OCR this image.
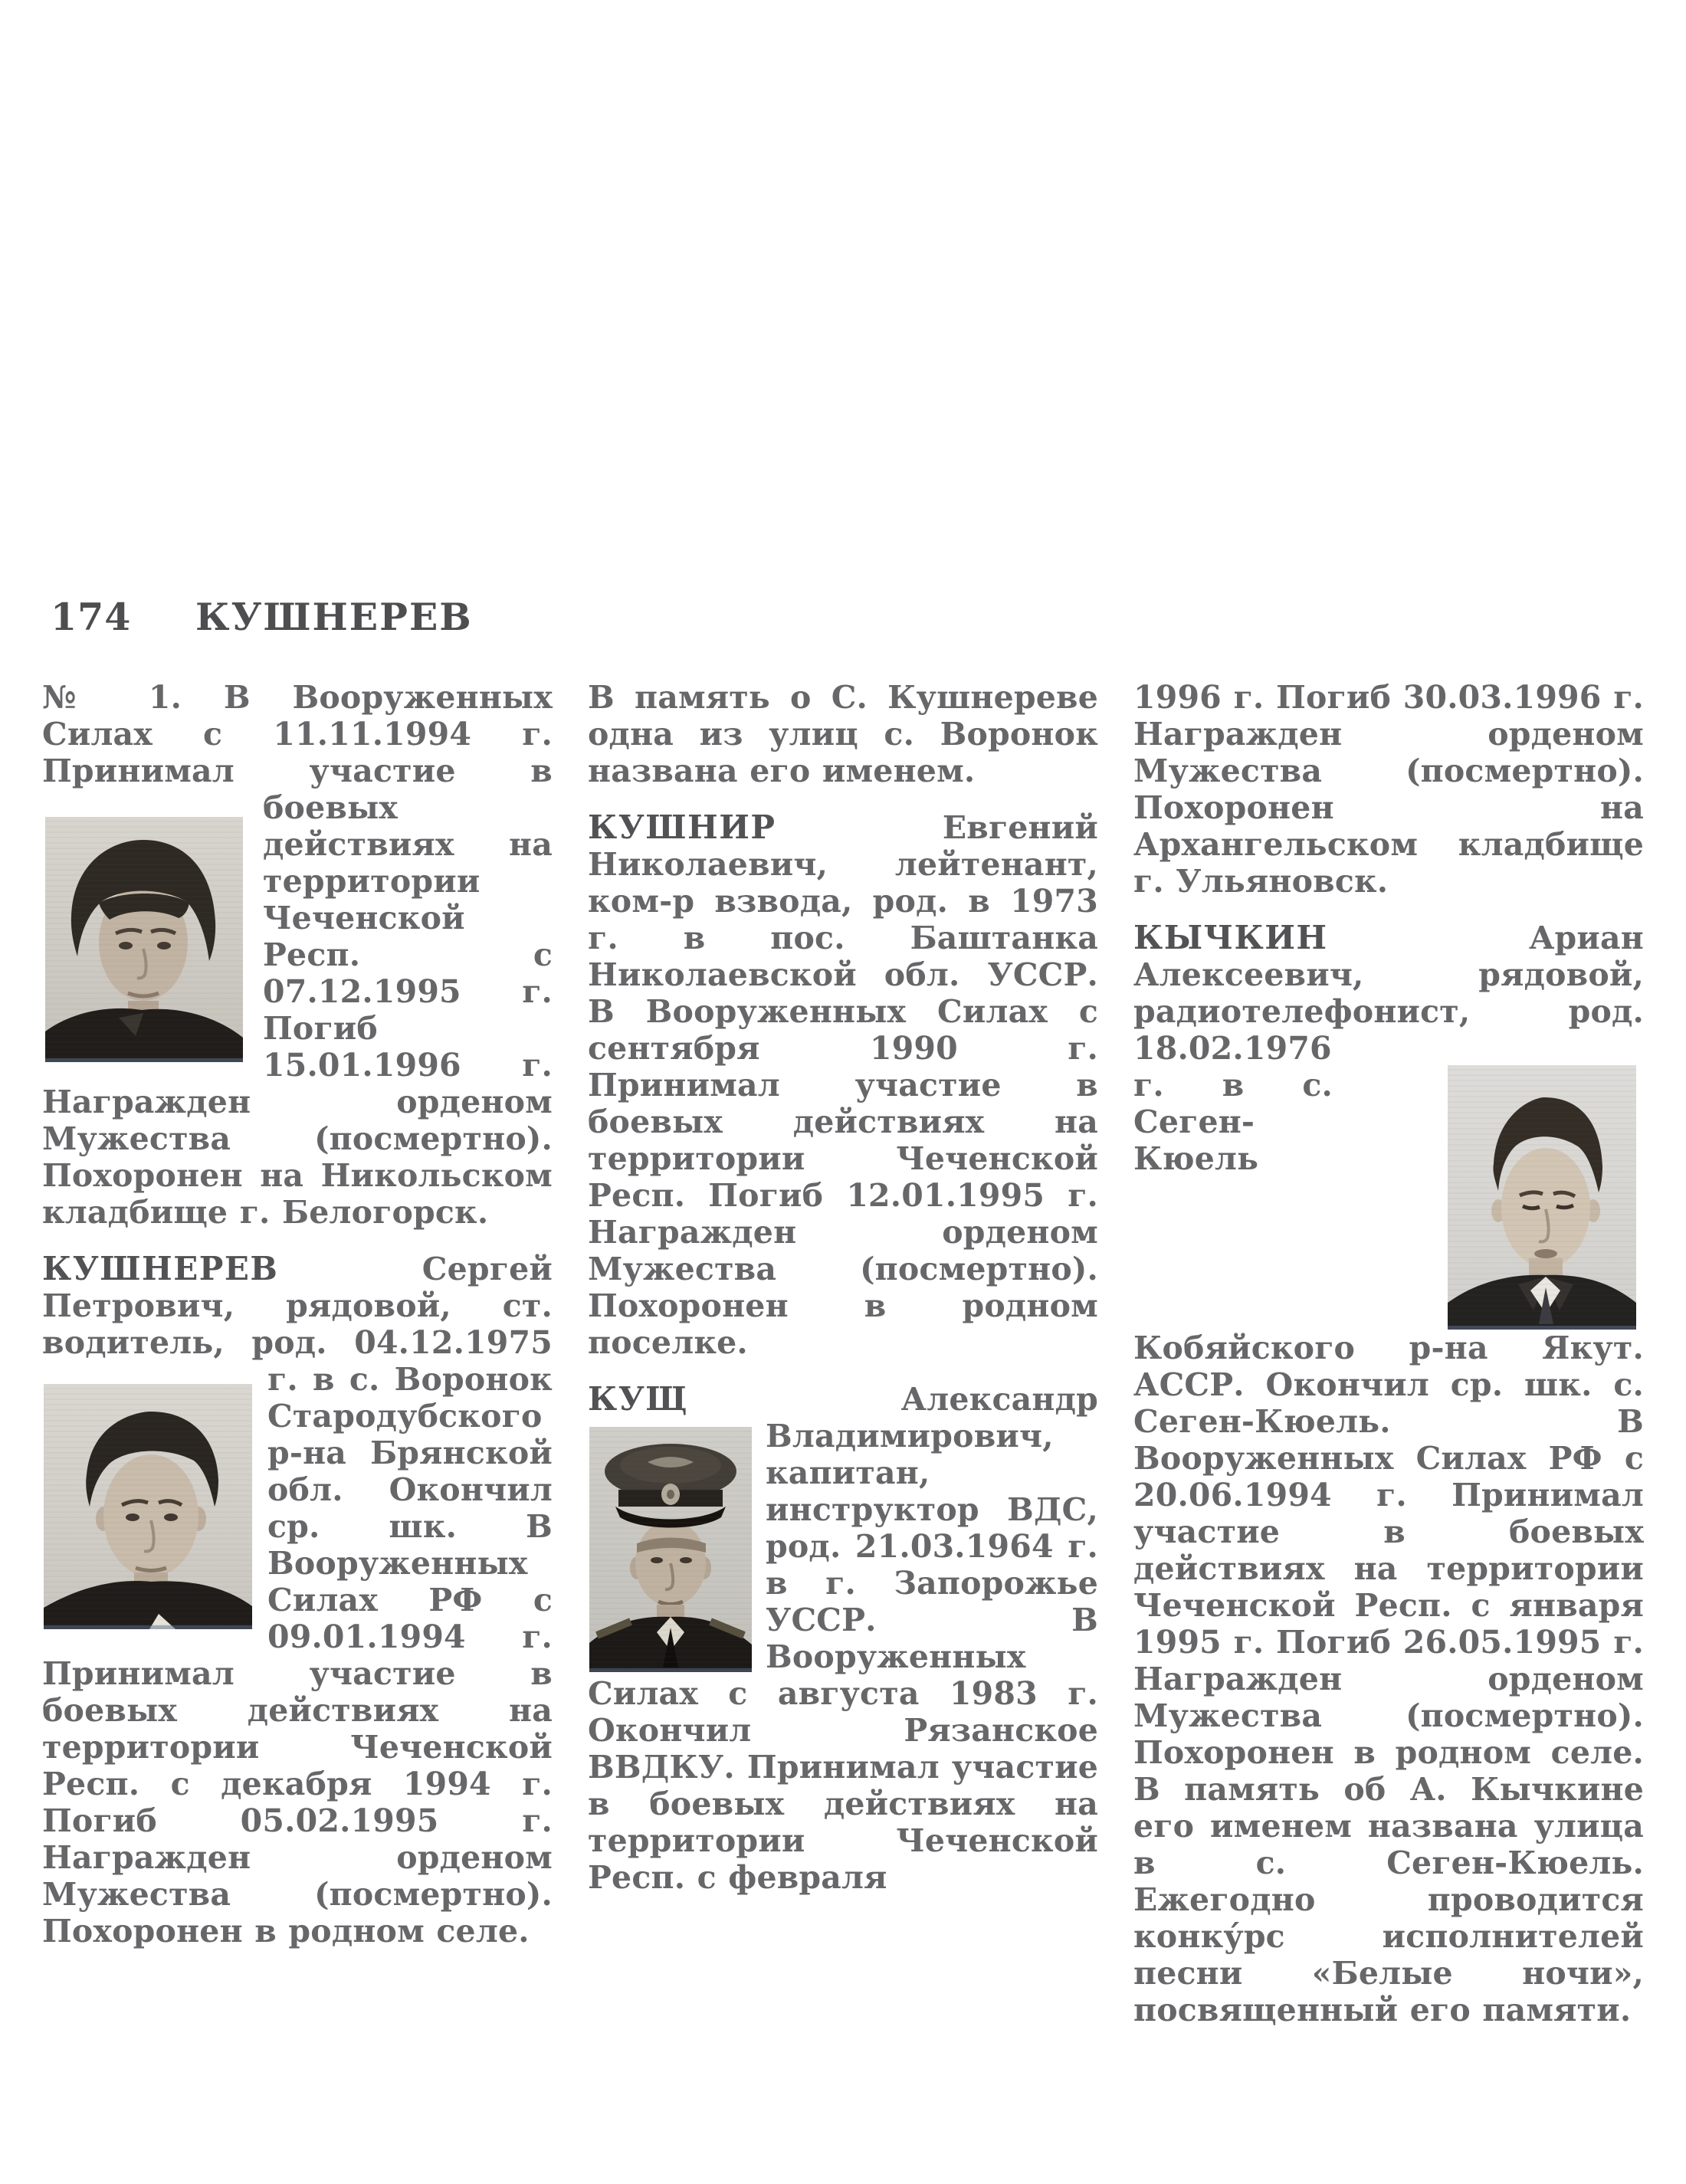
174 КУШНЕРЕВ
№ 1. В Вооруженных Силах с 11.11.1994 г. Принимал участие в боевых действиях на территории Чеченской Респ. с 07.12.1995 г. Погиб 15.01.1996 г. Награжден орденом Мужества (посмертно). Похоронен на Никольском кладбище г. Белогорск.
КУШНЕРЕВ	Сергей Петрович, рядовой, ст. водитель, род. 04.12.1975 г. в с. Воронок Стародубского р-на Брянской обл. Окончил ср. шк. В Вооруженных Силах РФ с 09.01.1994 г. Принимал участие в боевых действиях на территории Чеченской Респ. с декабря 1994 г. Погиб 05.02.1995 г. Награжден орденом Мужества (посмертно). Похоронен в родном селе.
В память о С. Кушнереве одна из улиц с. Воронок названа его именем.
КУШНИР	Евгений Николаевич, лейтенант, ком-р взвода, род. в 1973 г. в пос. Баштанка Николаевской обл. УССР. В Вооруженных Силах с сентября 1990 г. Принимал участие в боевых действиях на территории Чеченской Респ. Погиб 12.01.1995 г. Награжден орденом Мужества (посмертно). Похоронен в родном поселке.
КУЩ	Александр Владимирович,
капитан, инструктор ВДС, род. 21.03.1964 г. в г. Запорожье УССР. В Вооруженных Силах с августа 1983 г. Окончил Рязанское ВВДКУ. Принимал участие в боевых действиях на территории Чеченской Респ. с февраля
1996 г. Погиб 30.03.1996 г. Награжден орденом Мужества (посмертно). Похоронен на Архангельском кладбище г. Ульяновск.
КЫЧКИН	Ариан Алексеевич, рядовой, радиотелефонист, род.
18.02.1976 г. в с. Сеген-Кюель Кобяйского р-на Якут. АССР. Окончил ср. шк. с. Сеген-Кюель. В Вооруженных Силах РФ с 20.06.1994 г. Принимал участие в боевых действиях на территории Чеченской Респ. с января 1995 г. Погиб 26.05.1995 г. Награжден орденом Мужества (посмертно). Похоронен в родном селе. В память об А. Кычкине его именем названа улица в с. Сеген-Кюель. Ежегодно проводится конку́рс исполнителей песни «Белые ночи», посвященный его памяти.
